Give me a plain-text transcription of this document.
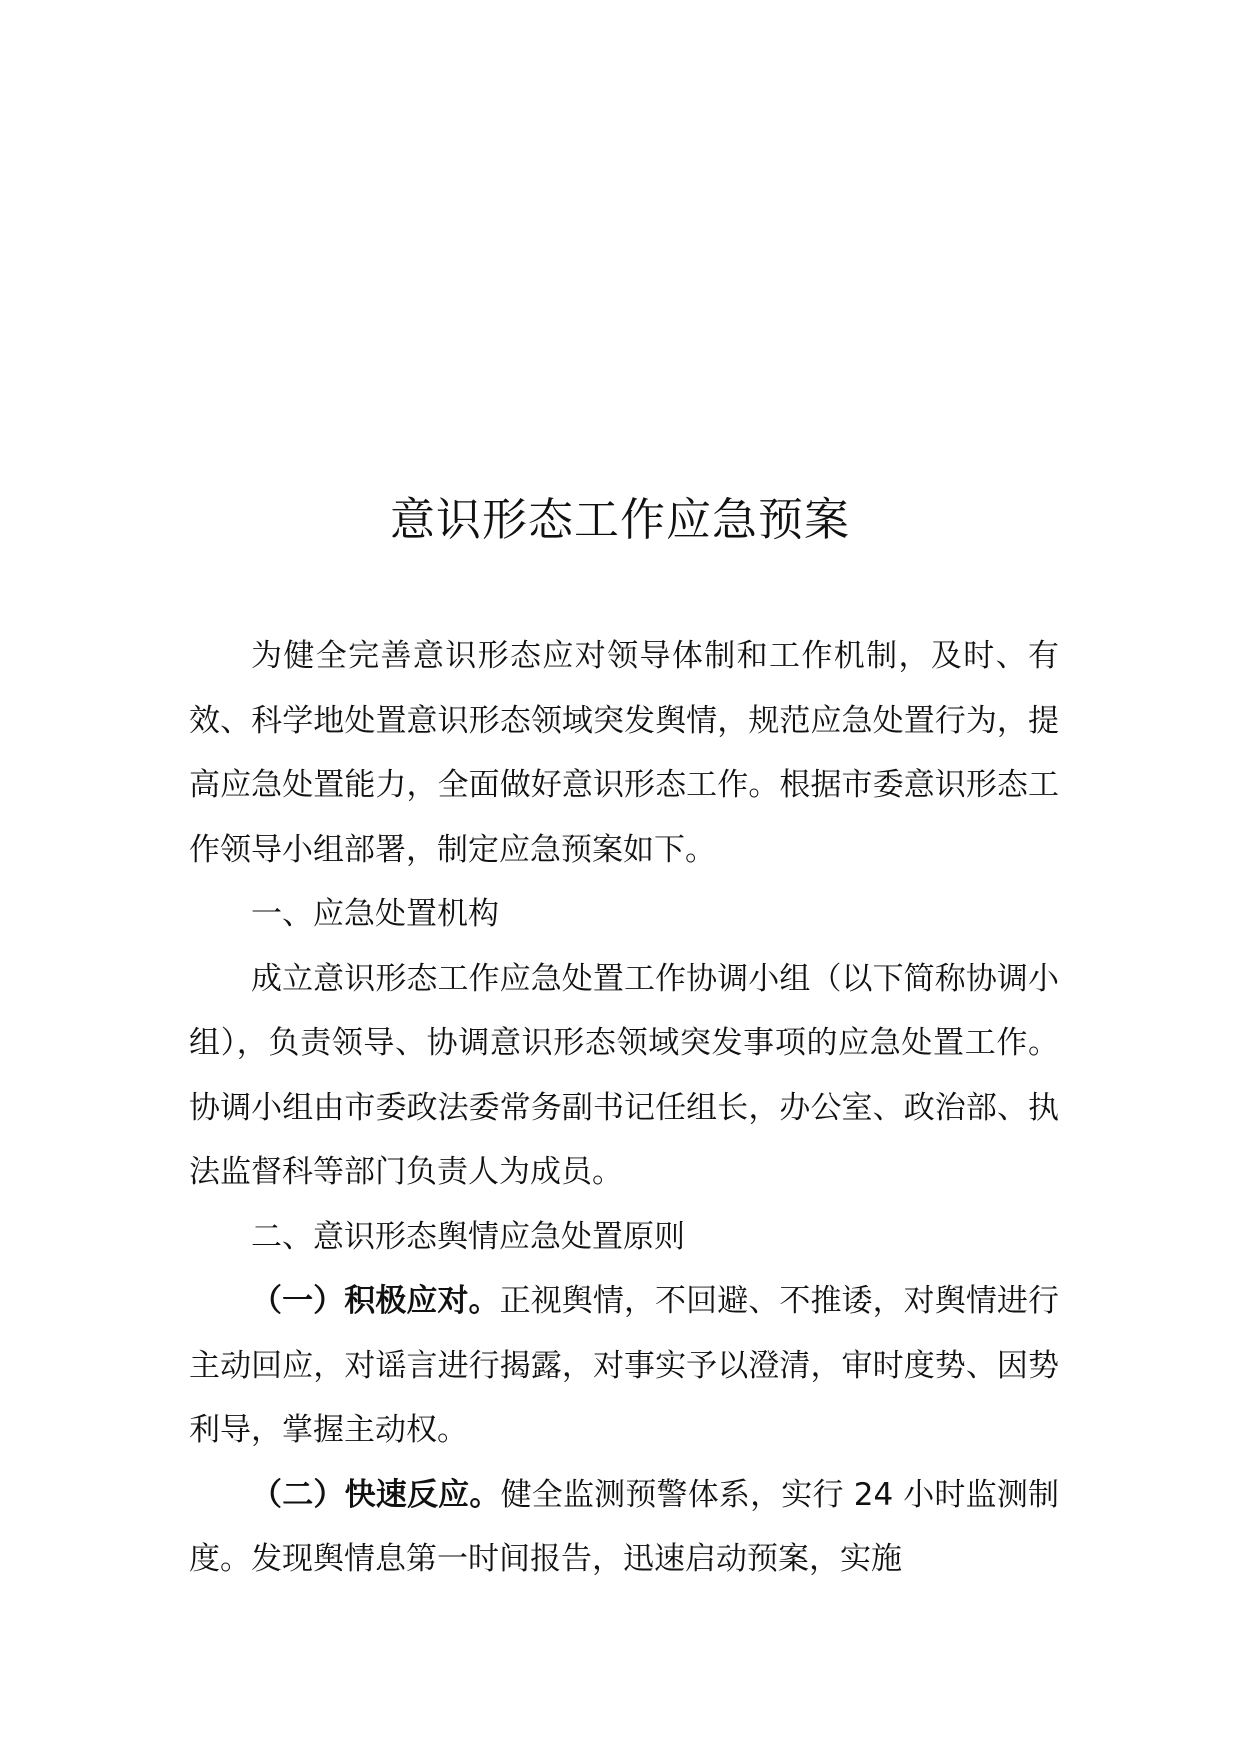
意识形态工作应急预案

为健全完善意识形态应对领导体制和工作机制，及时、有效、科学地处置意识形态领域突发舆情，规范应急处置行为，提高应急处置能力，全面做好意识形态工作。根据市委意识形态工作领导小组部署，制定应急预案如下。

一、应急处置机构

成立意识形态工作应急处置工作协调小组（以下简称协调小组），负责领导、协调意识形态领域突发事项的应急处置工作。协调小组由市委政法委常务副书记任组长，办公室、政治部、执法监督科等部门负责人为成员。

二、意识形态舆情应急处置原则

（一）积极应对。正视舆情，不回避、不推诿，对舆情进行主动回应，对谣言进行揭露，对事实予以澄清，审时度势、因势利导，掌握主动权。

（二）快速反应。健全监测预警体系，实行 24 小时监测制度。发现舆情息第一时间报告，迅速启动预案，实施
